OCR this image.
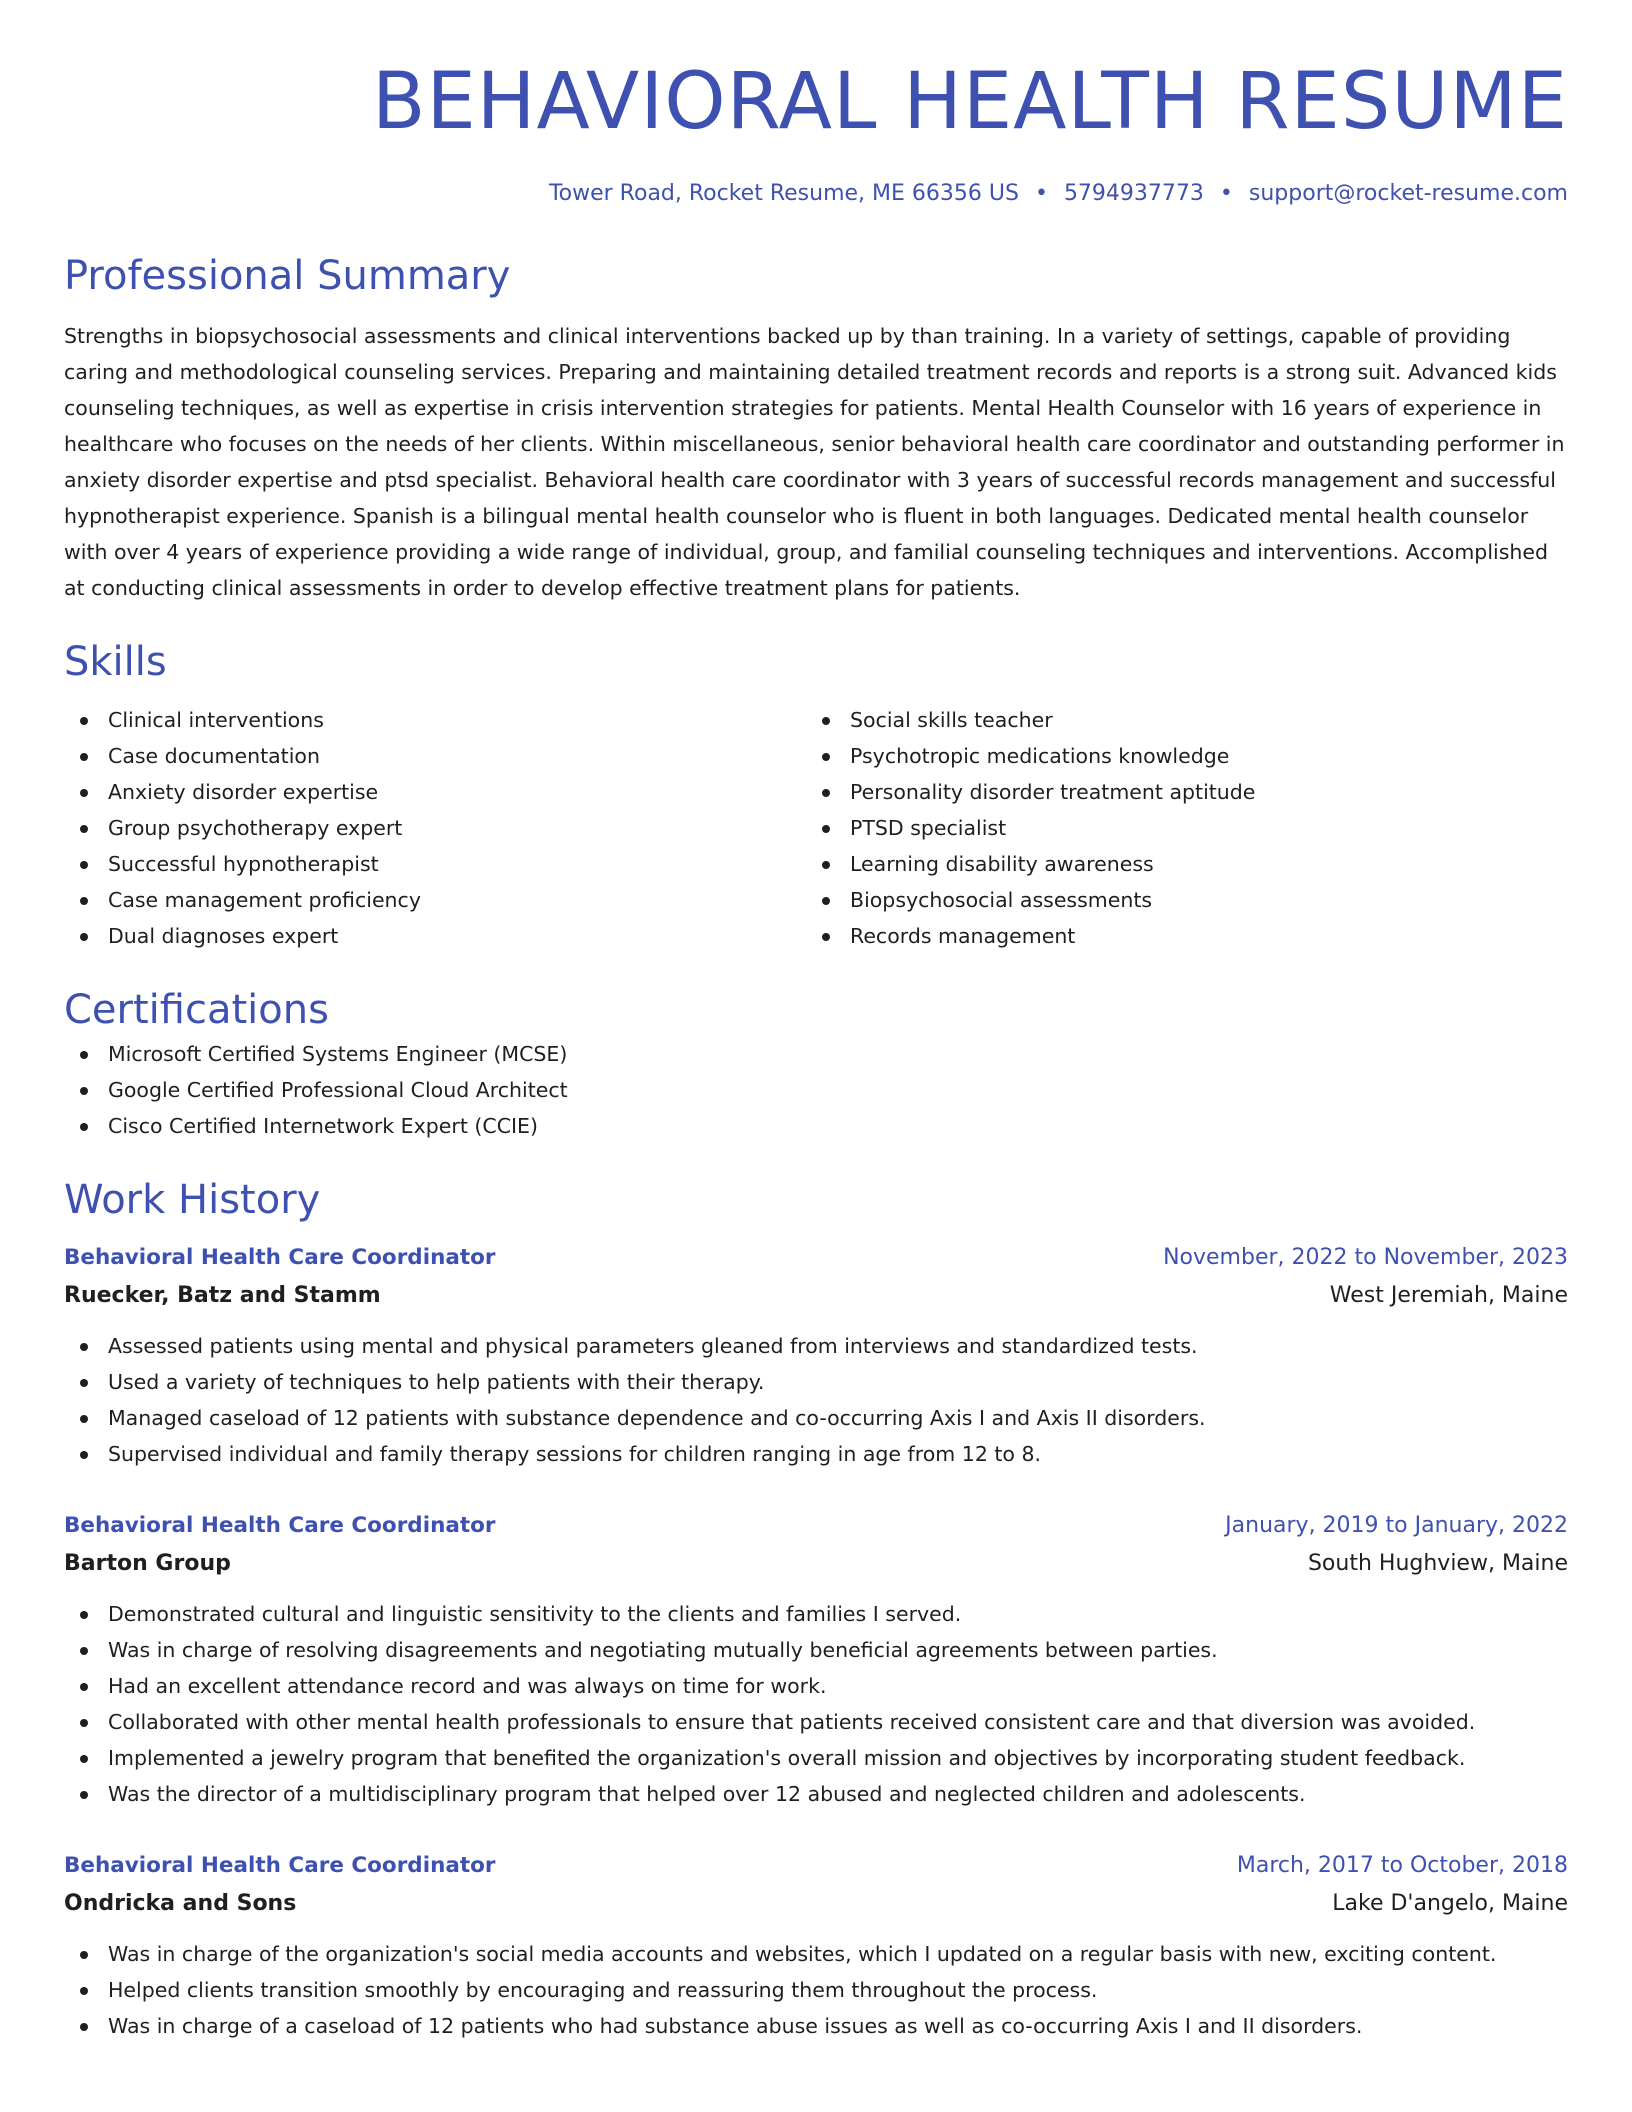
BEHAVIORAL HEALTH RESUME
Tower Road, Rocket Resume, ME 66356 US • 5794937773 • support@rocket-resume.com
Professional Summary

Strengths in biopsychosocial assessments and clinical interventions backed up by than training. In a variety of settings, capable of providing caring and methodological counseling services. Preparing and maintaining detailed treatment records and reports is a strong suit. Advanced kids counseling techniques, as well as expertise in crisis intervention strategies for patients. Mental Health Counselor with 16 years of experience in healthcare who focuses on the needs of her clients. Within miscellaneous, senior behavioral health care coordinator and outstanding performer in anxiety disorder expertise and ptsd specialist. Behavioral health care coordinator with 3 years of successful records management and successful hypnotherapist experience. Spanish is a bilingual mental health counselor who is fluent in both languages. Dedicated mental health counselor with over 4 years of experience providing a wide range of individual, group, and familial counseling techniques and interventions. Accomplished at conducting clinical assessments in order to develop effective treatment plans for patients.

Skills
Clinical interventions
Case documentation
Anxiety disorder expertise
Group psychotherapy expert
Successful hypnotherapist
Case management proficiency
Dual diagnoses expert
Social skills teacher
Psychotropic medications knowledge
Personality disorder treatment aptitude
PTSD specialist
Learning disability awareness
Biopsychosocial assessments
Records management
Certifications
Microsoft Certified Systems Engineer (MCSE)
Google Certified Professional Cloud Architect
Cisco Certified Internetwork Expert (CCIE)
Work History
Behavioral Health Care Coordinator	November, 2022 to November, 2023
Ruecker, Batz and Stamm	West Jeremiah, Maine
Assessed patients using mental and physical parameters gleaned from interviews and standardized tests.
Used a variety of techniques to help patients with their therapy.
Managed caseload of 12 patients with substance dependence and co-occurring Axis I and Axis II disorders.
Supervised individual and family therapy sessions for children ranging in age from 12 to 8.
Behavioral Health Care Coordinator	January, 2019 to January, 2022
Barton Group	South Hughview, Maine
Demonstrated cultural and linguistic sensitivity to the clients and families I served.
Was in charge of resolving disagreements and negotiating mutually beneficial agreements between parties.
Had an excellent attendance record and was always on time for work.
Collaborated with other mental health professionals to ensure that patients received consistent care and that diversion was avoided.
Implemented a jewelry program that benefited the organization's overall mission and objectives by incorporating student feedback.
Was the director of a multidisciplinary program that helped over 12 abused and neglected children and adolescents.
Behavioral Health Care Coordinator	March, 2017 to October, 2018
Ondricka and Sons	Lake D'angelo, Maine
Was in charge of the organization's social media accounts and websites, which I updated on a regular basis with new, exciting content.
Helped clients transition smoothly by encouraging and reassuring them throughout the process.
Was in charge of a caseload of 12 patients who had substance abuse issues as well as co-occurring Axis I and II disorders.
